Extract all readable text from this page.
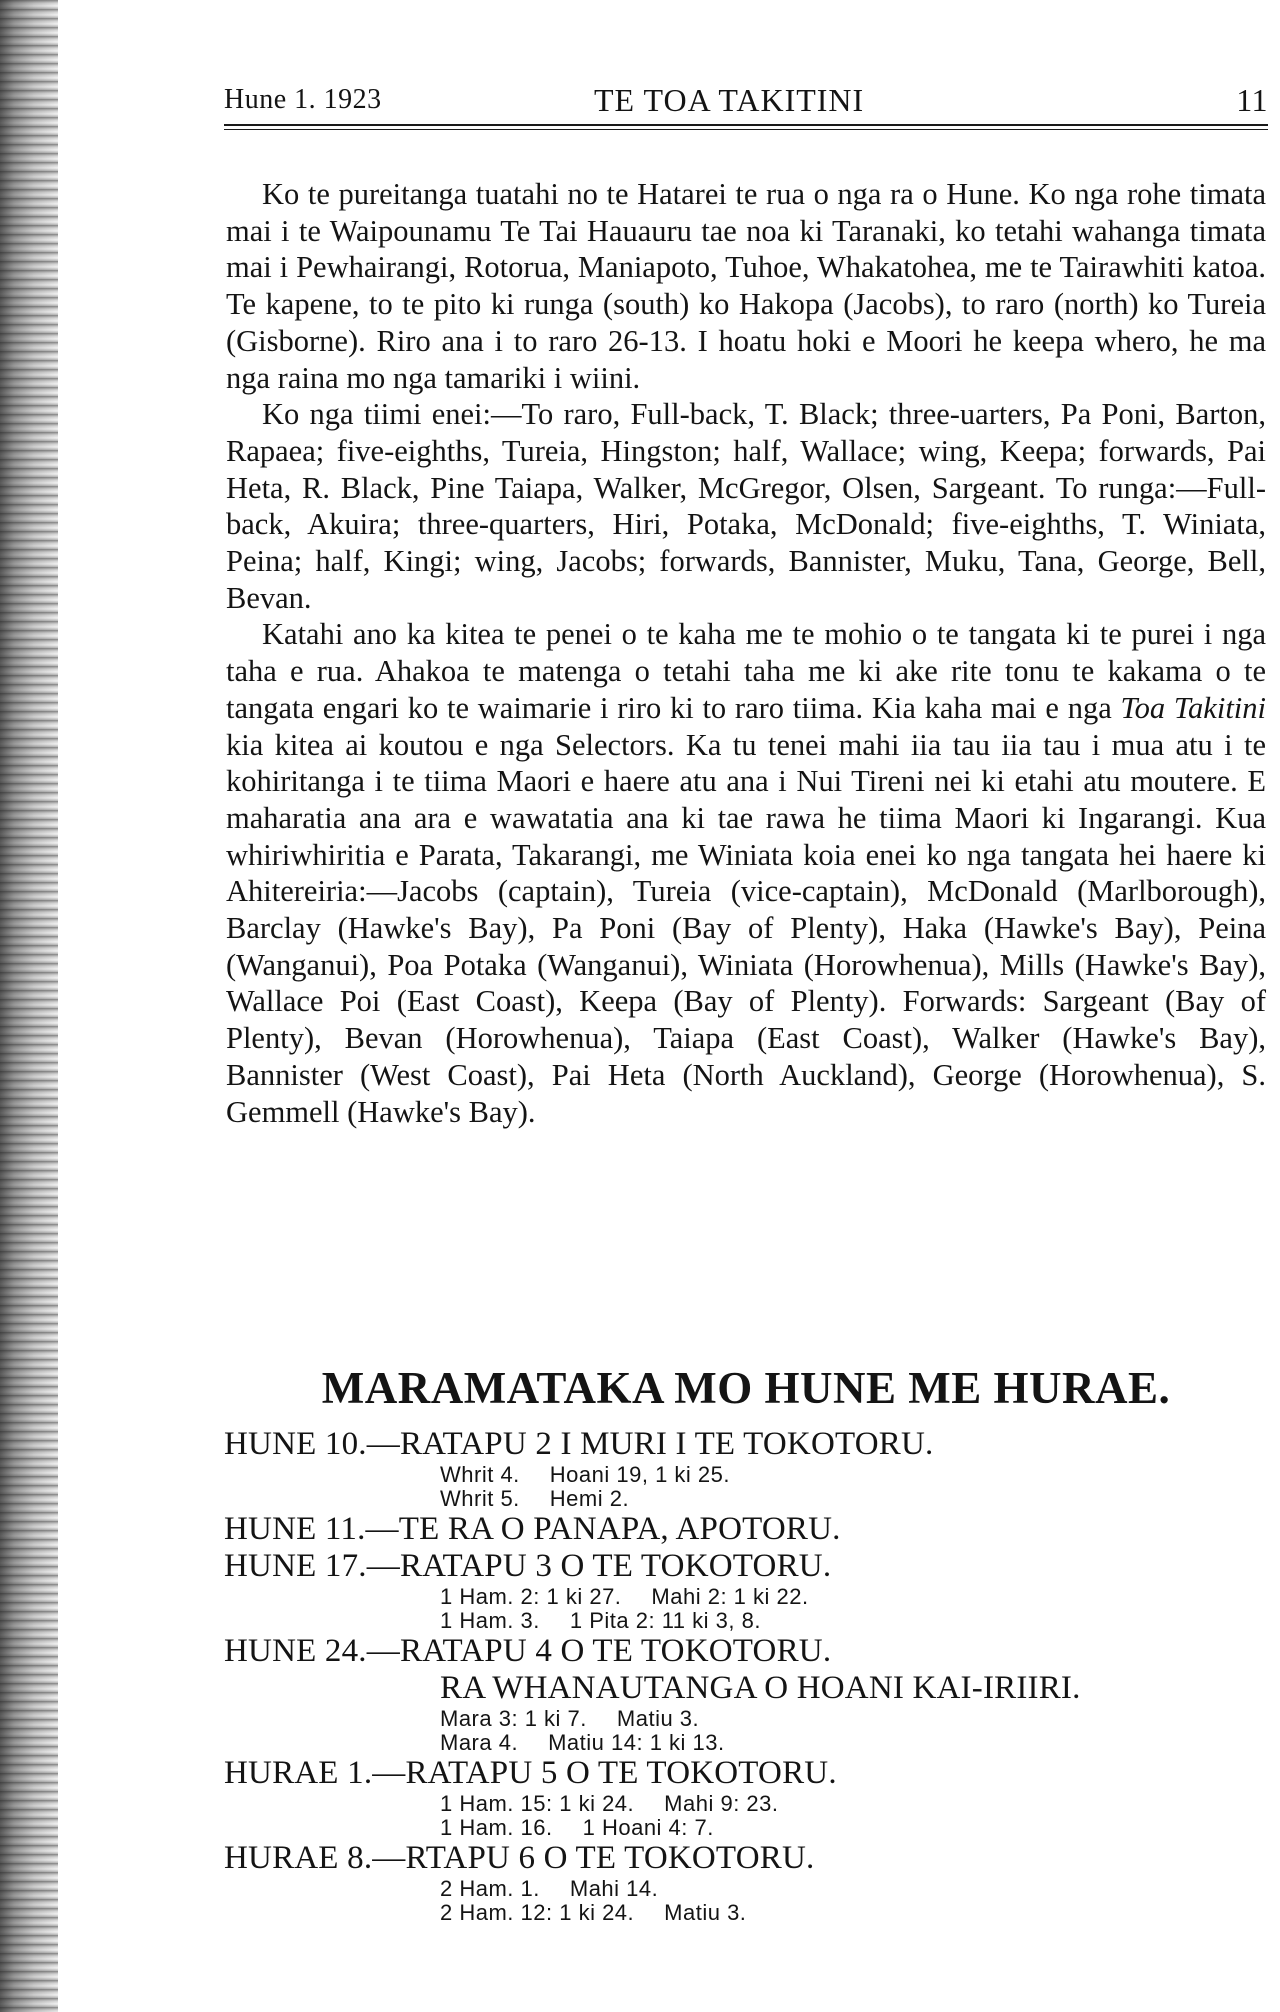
Hune 1. 1923	TE TOA TAKITINI	11

Ko te pureitanga tuatahi no te Hatarei te rua o nga ra o Hune. Ko nga rohe timata mai i te Waipounamu Te Tai Hauauru tae noa ki Taranaki, ko tetahi wahanga timata mai i Pewhairangi, Rotorua, Maniapoto, Tuhoe, Whakatohea, me te Tairawhiti katoa. Te kapene, to te pito ki runga (south) ko Hakopa (Jacobs), to raro (north) ko Tureia (Gisborne). Riro ana i to raro 26-13. I hoatu hoki e Moori he keepa whero, he ma nga raina mo nga tamariki i wiini.

Ko nga tiimi enei:—To raro, Full-back, T. Black; three-uarters, Pa Poni, Barton, Rapaea; five-eighths, Tureia, Hingston; half, Wallace; wing, Keepa; forwards, Pai Heta, R. Black, Pine Taiapa, Walker, McGregor, Olsen, Sargeant. To runga:—Full-back, Akuira; three-quarters, Hiri, Potaka, McDonald; five-eighths, T. Winiata, Peina; half, Kingi; wing, Jacobs; forwards, Bannister, Muku, Tana, George, Bell, Bevan.

Katahi ano ka kitea te penei o te kaha me te mohio o te tangata ki te purei i nga taha e rua. Ahakoa te matenga o tetahi taha me ki ake rite tonu te kakama o te tangata engari ko te waimarie i riro ki to raro tiima. Kia kaha mai e nga Toa Takitini kia kitea ai koutou e nga Selectors. Ka tu tenei mahi iia tau iia tau i mua atu i te kohiritanga i te tiima Maori e haere atu ana i Nui Tireni nei ki etahi atu moutere. E maharatia ana ara e wawatatia ana ki tae rawa he tiima Maori ki Ingarangi. Kua whiriwhiritia e Parata, Takarangi, me Winiata koia enei ko nga tangata hei haere ki Ahitereiria:—Jacobs (captain), Tureia (vice-captain), McDonald (Marlborough), Barclay (Hawke's Bay), Pa Poni (Bay of Plenty), Haka (Hawke's Bay), Peina (Wanganui), Poa Potaka (Wanganui), Winiata (Horowhenua), Mills (Hawke's Bay), Wallace Poi (East Coast), Keepa (Bay of Plenty). Forwards: Sargeant (Bay of Plenty), Bevan (Horowhenua), Taiapa (East Coast), Walker (Hawke's Bay), Bannister (West Coast), Pai Heta (North Auckland), George (Horowhenua), S. Gemmell (Hawke's Bay).

MARAMATAKA MO HUNE ME HURAE.
HUNE 10.—RATAPU 2 I MURI I TE TOKOTORU.
Whrit 4. Hoani 19, 1 ki 25.
Whrit 5. Hemi 2.
HUNE 11.—TE RA O PANAPA, APOTORU.
HUNE 17.—RATAPU 3 O TE TOKOTORU.
1 Ham. 2: 1 ki 27. Mahi 2: 1 ki 22.
1 Ham. 3. 1 Pita 2: 11 ki 3, 8.
HUNE 24.—RATAPU 4 O TE TOKOTORU.
RA WHANAUTANGA O HOANI KAI-IRIIRI.
Mara 3: 1 ki 7. Matiu 3.
Mara 4. Matiu 14: 1 ki 13.
HURAE 1.—RATAPU 5 O TE TOKOTORU.
1 Ham. 15: 1 ki 24. Mahi 9: 23.
1 Ham. 16. 1 Hoani 4: 7.
HURAE 8.—RTAPU 6 O TE TOKOTORU.
2 Ham. 1. Mahi 14.
2 Ham. 12: 1 ki 24. Matiu 3.
